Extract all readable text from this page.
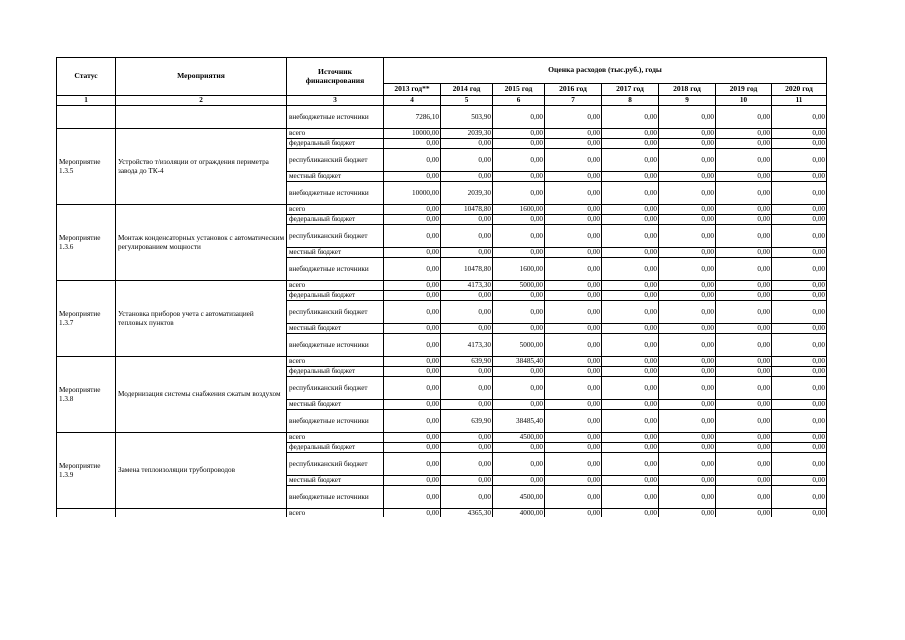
Статус	Мероприятия	Источник финансирования	Оценка расходов (тыс.руб.), годы							
			2013 год**	2014 год	2015 год	2016 год	2017 год	2018 год	2019 год	2020 год
1	2	3	4	5	6	7	8	9	10	11
		внебюджетные источники	7286,10	503,90	0,00	0,00	0,00	0,00	0,00	0,00
Мероприятие 1.3.5	Устройство т/изоляции от ограждения периметра завода до ТК-4	всего	10000,00	2039,30	0,00	0,00	0,00	0,00	0,00	0,00
		федеральный бюджет	0,00	0,00	0,00	0,00	0,00	0,00	0,00	0,00
		республиканский бюджет	0,00	0,00	0,00	0,00	0,00	0,00	0,00	0,00
		местный бюджет	0,00	0,00	0,00	0,00	0,00	0,00	0,00	0,00
		внебюджетные источники	10000,00	2039,30	0,00	0,00	0,00	0,00	0,00	0,00
Мероприятие 1.3.6	Монтаж конденсаторных установок с автоматическим регулированием мощности	всего	0,00	10478,80	1600,00	0,00	0,00	0,00	0,00	0,00
		федеральный бюджет	0,00	0,00	0,00	0,00	0,00	0,00	0,00	0,00
		республиканский бюджет	0,00	0,00	0,00	0,00	0,00	0,00	0,00	0,00
		местный бюджет	0,00	0,00	0,00	0,00	0,00	0,00	0,00	0,00
		внебюджетные источники	0,00	10478,80	1600,00	0,00	0,00	0,00	0,00	0,00
Мероприятие 1.3.7	Установка приборов учета с автоматизацией тепловых пунктов	всего	0,00	4173,30	5000,00	0,00	0,00	0,00	0,00	0,00
		федеральный бюджет	0,00	0,00	0,00	0,00	0,00	0,00	0,00	0,00
		республиканский бюджет	0,00	0,00	0,00	0,00	0,00	0,00	0,00	0,00
		местный бюджет	0,00	0,00	0,00	0,00	0,00	0,00	0,00	0,00
		внебюджетные источники	0,00	4173,30	5000,00	0,00	0,00	0,00	0,00	0,00
Мероприятие 1.3.8	Модернизация системы снабжения сжатым воздухом	всего	0,00	639,90	38485,40	0,00	0,00	0,00	0,00	0,00
		федеральный бюджет	0,00	0,00	0,00	0,00	0,00	0,00	0,00	0,00
		республиканский бюджет	0,00	0,00	0,00	0,00	0,00	0,00	0,00	0,00
		местный бюджет	0,00	0,00	0,00	0,00	0,00	0,00	0,00	0,00
		внебюджетные источники	0,00	639,90	38485,40	0,00	0,00	0,00	0,00	0,00
Мероприятие 1.3.9	Замена теплоизоляции трубопроводов	всего	0,00	0,00	4500,00	0,00	0,00	0,00	0,00	0,00
		федеральный бюджет	0,00	0,00	0,00	0,00	0,00	0,00	0,00	0,00
		республиканский бюджет	0,00	0,00	0,00	0,00	0,00	0,00	0,00	0,00
		местный бюджет	0,00	0,00	0,00	0,00	0,00	0,00	0,00	0,00
		внебюджетные источники	0,00	0,00	4500,00	0,00	0,00	0,00	0,00	0,00
		всего	0,00	4365,30	4000,00	0,00	0,00	0,00	0,00	0,00
